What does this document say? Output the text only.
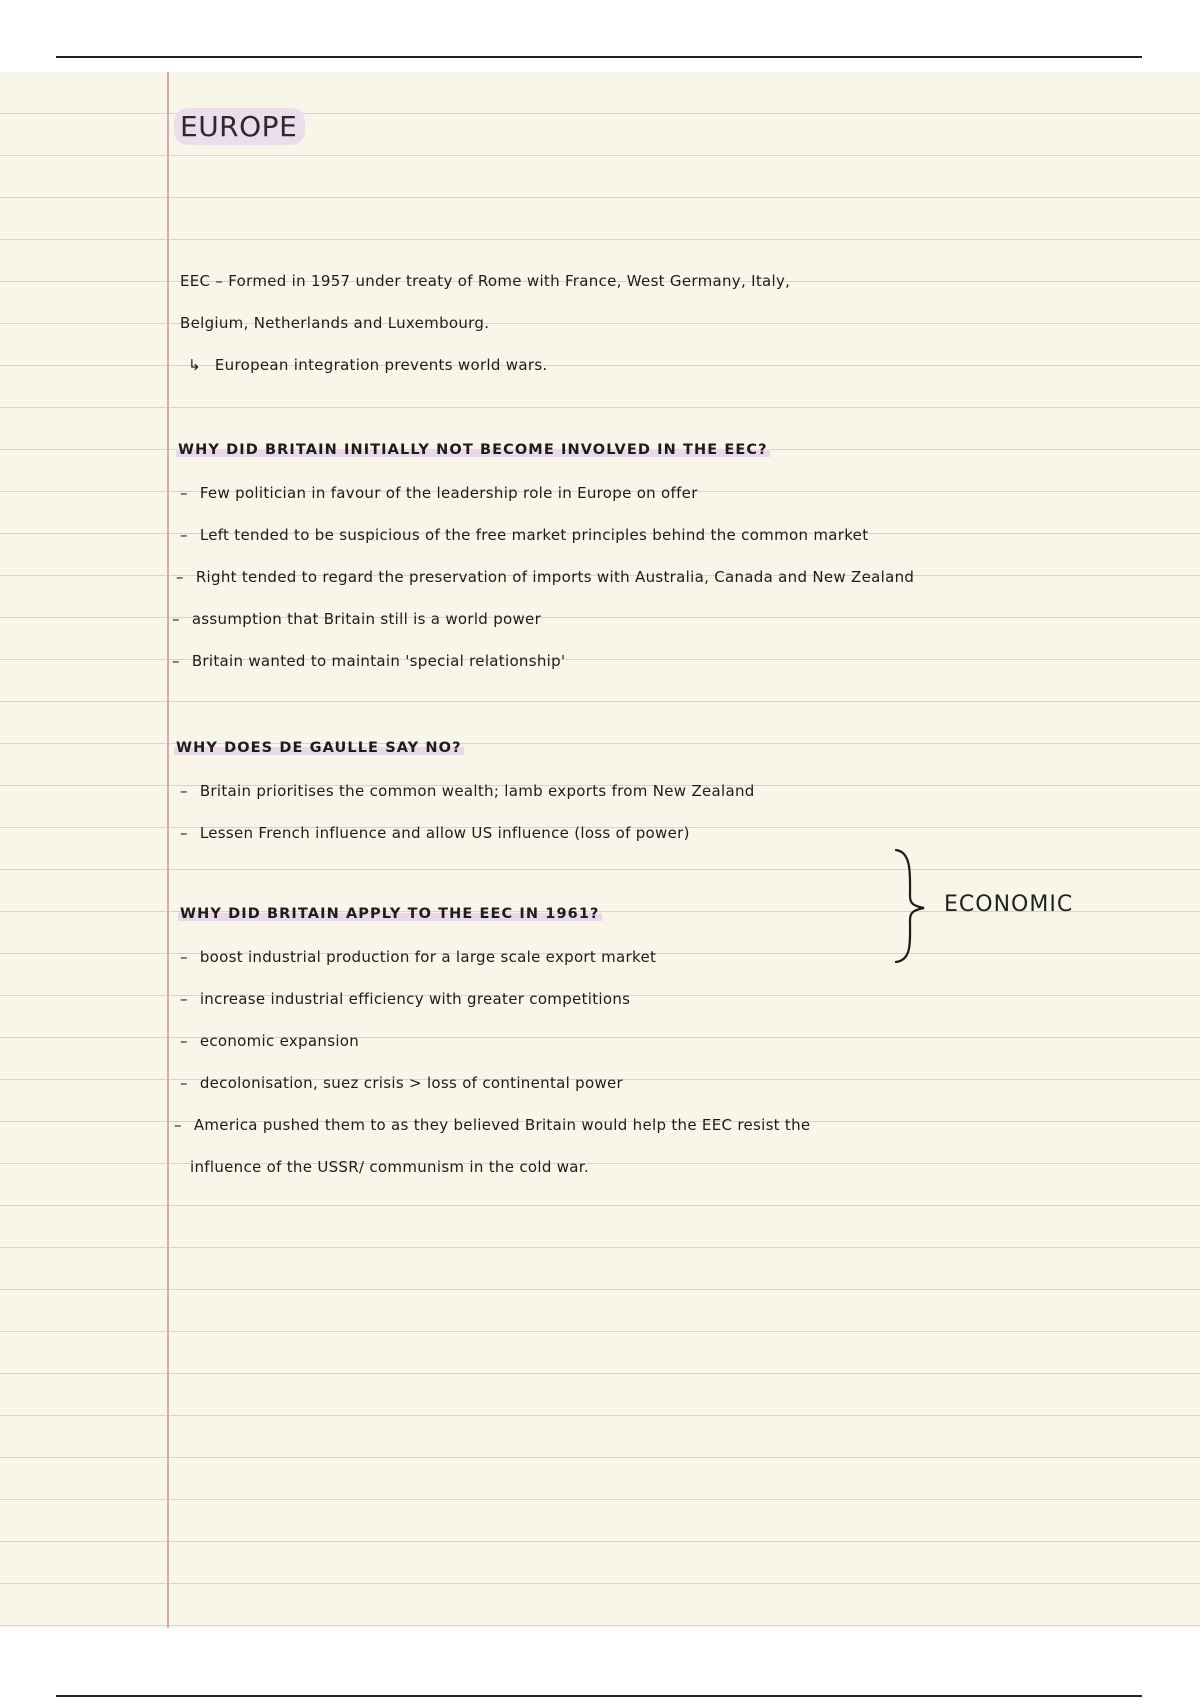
EUROPE
EEC – Formed in 1957 under treaty of Rome with France, West Germany, Italy,
Belgium, Netherlands and Luxembourg.
↳ European integration prevents world wars.
WHY DID BRITAIN INITIALLY NOT BECOME INVOLVED IN THE EEC?
– Few politician in favour of the leadership role in Europe on offer
– Left tended to be suspicious of the free market principles behind the common market
– Right tended to regard the preservation of imports with Australia, Canada and New Zealand
– assumption that Britain still is a world power
– Britain wanted to maintain 'special relationship'
WHY DOES DE GAULLE SAY NO?
– Britain prioritises the common wealth; lamb exports from New Zealand
– Lessen French influence and allow US influence (loss of power)
WHY DID BRITAIN APPLY TO THE EEC IN 1961?
– boost industrial production for a large scale export market
– increase industrial efficiency with greater competitions
– economic expansion
– decolonisation, suez crisis > loss of continental power
– America pushed them to as they believed Britain would help the EEC resist the
influence of the USSR/ communism in the cold war.
ECONOMIC
